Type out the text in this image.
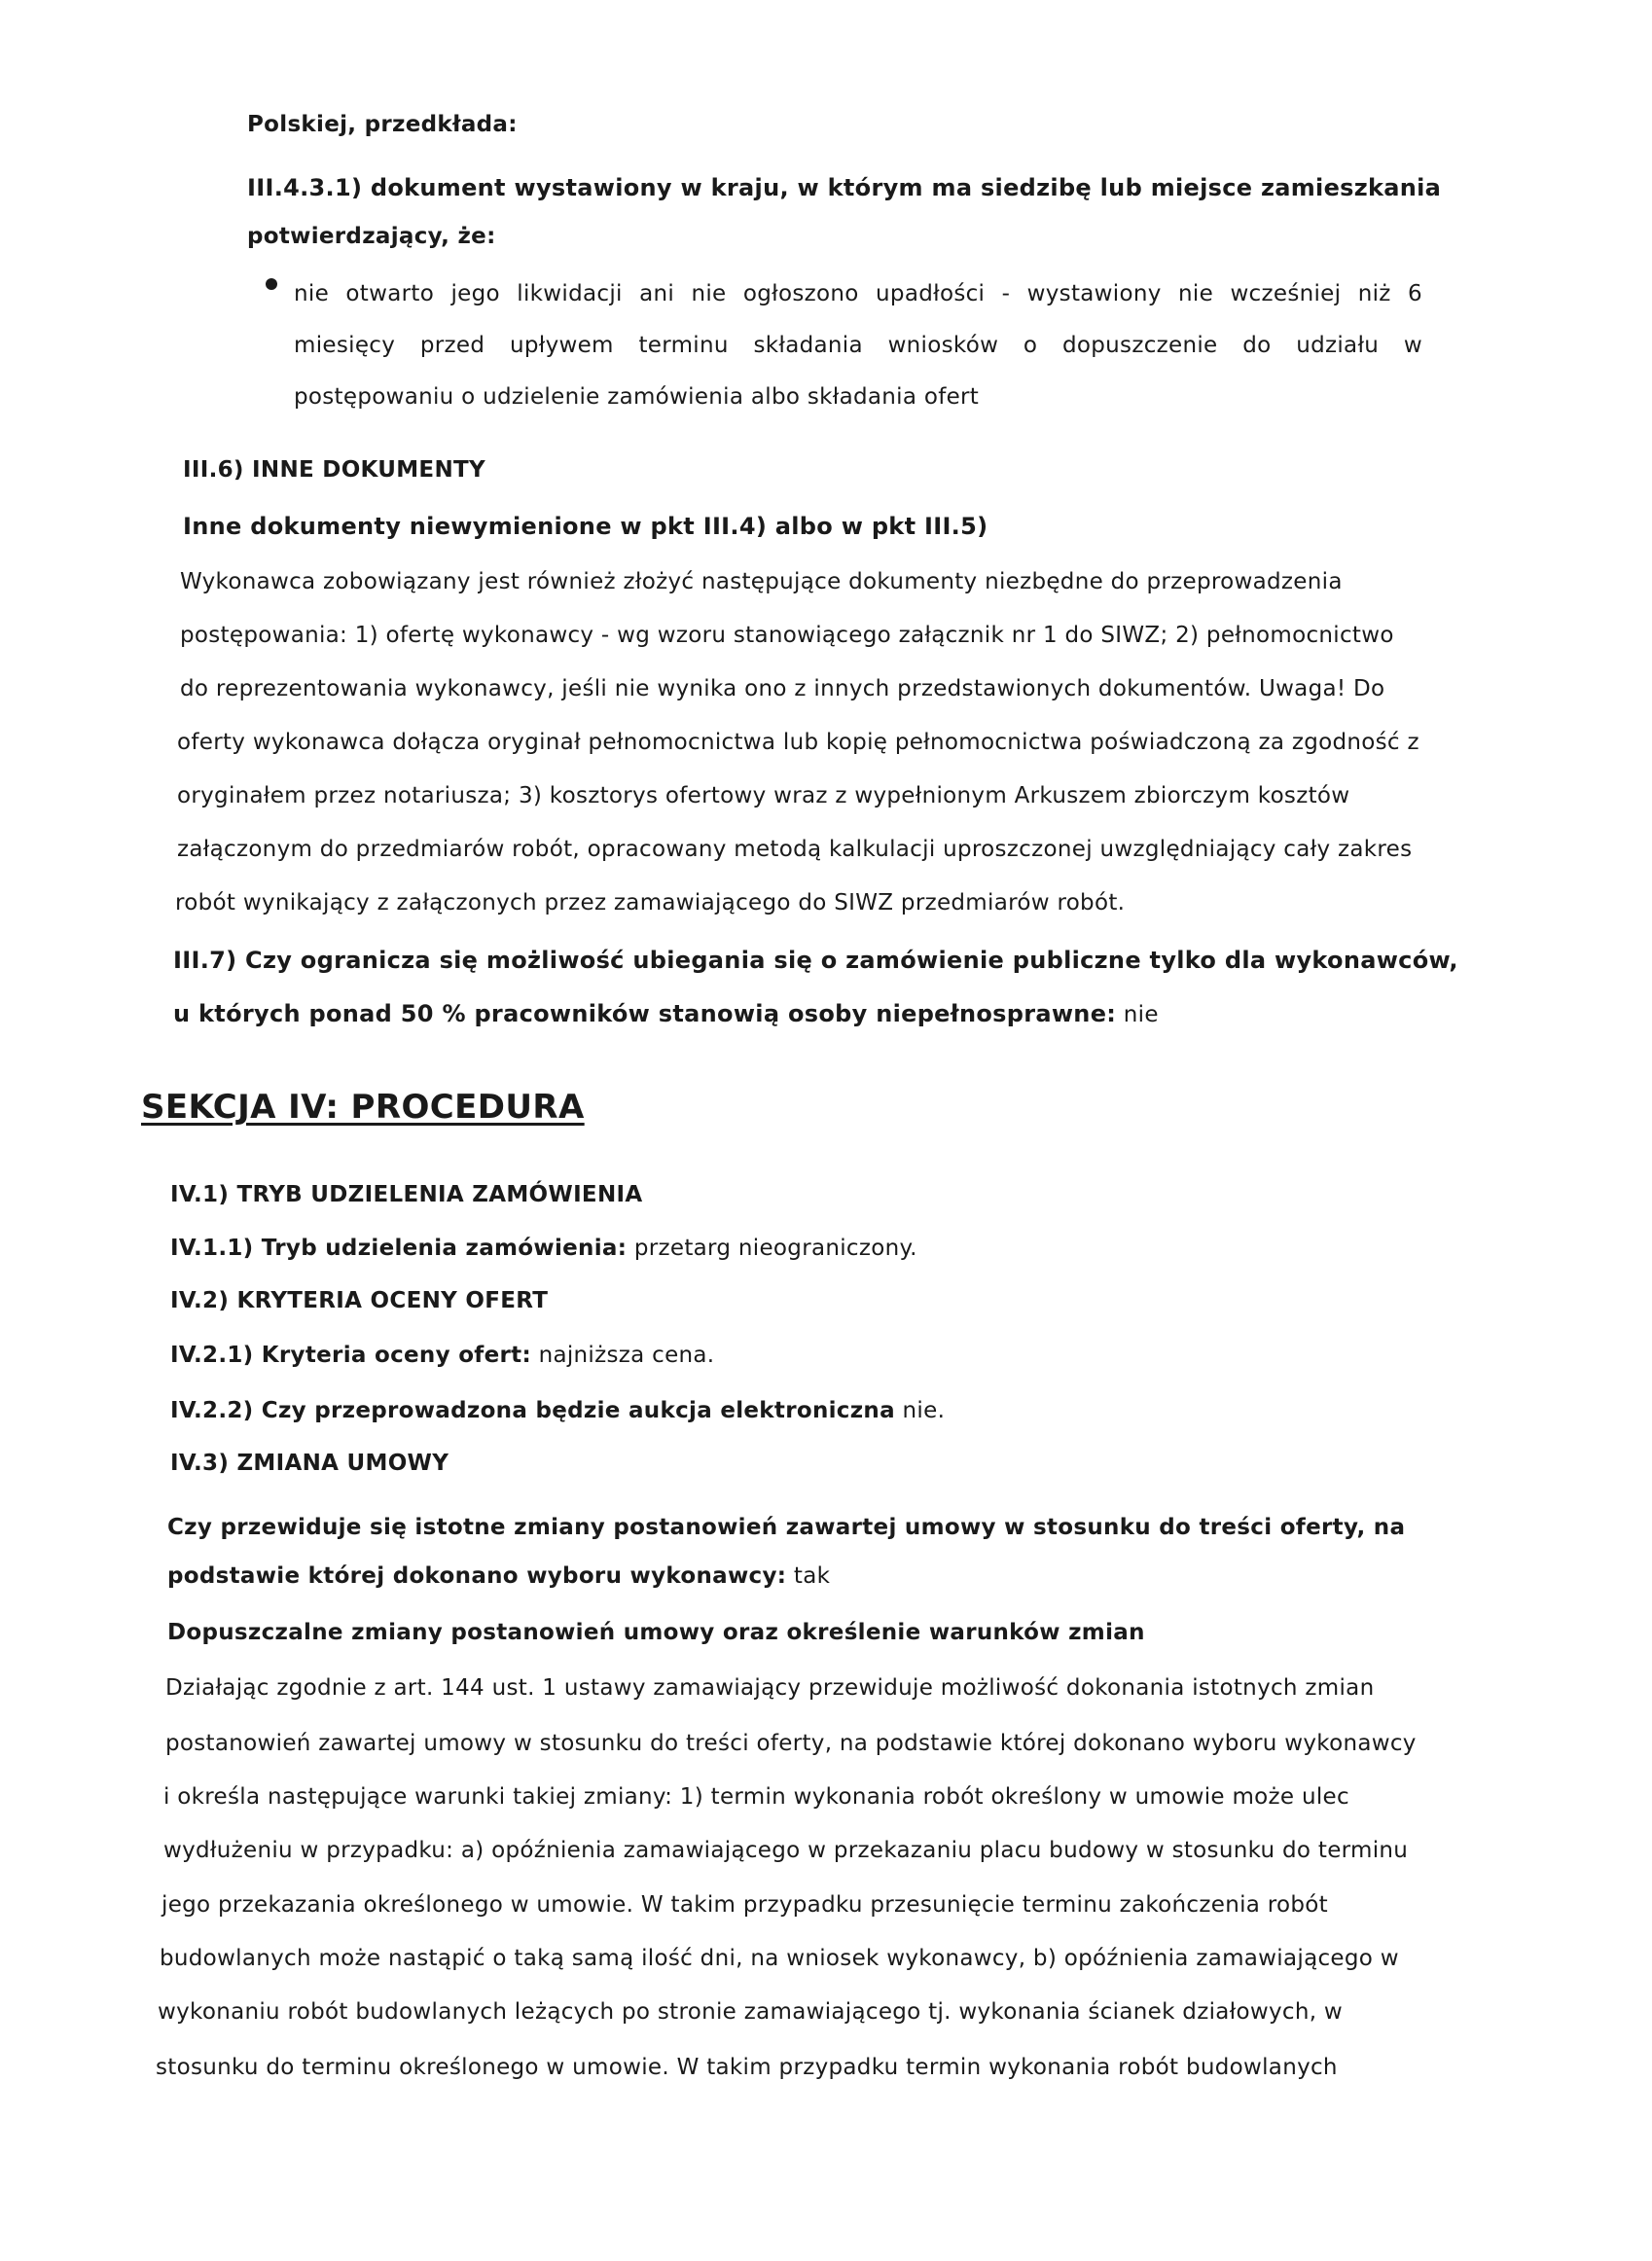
Polskiej, przedkłada:
III.4.3.1) dokument wystawiony w kraju, w którym ma siedzibę lub miejsce zamieszkania
potwierdzający, że:
nie otwarto jego likwidacji ani nie ogłoszono upadłości - wystawiony nie wcześniej niż 6
miesięcy przed upływem terminu składania wniosków o dopuszczenie do udziału w
postępowaniu o udzielenie zamówienia albo składania ofert
III.6) INNE DOKUMENTY
Inne dokumenty niewymienione w pkt III.4) albo w pkt III.5)
Wykonawca zobowiązany jest również złożyć następujące dokumenty niezbędne do przeprowadzenia
postępowania: 1) ofertę wykonawcy - wg wzoru stanowiącego załącznik nr 1 do SIWZ; 2) pełnomocnictwo
do reprezentowania wykonawcy, jeśli nie wynika ono z innych przedstawionych dokumentów. Uwaga! Do
oferty wykonawca dołącza oryginał pełnomocnictwa lub kopię pełnomocnictwa poświadczoną za zgodność z
oryginałem przez notariusza; 3) kosztorys ofertowy wraz z wypełnionym Arkuszem zbiorczym kosztów
załączonym do przedmiarów robót, opracowany metodą kalkulacji uproszczonej uwzględniający cały zakres
robót wynikający z załączonych przez zamawiającego do SIWZ przedmiarów robót.
III.7) Czy ogranicza się możliwość ubiegania się o zamówienie publiczne tylko dla wykonawców,
u których ponad 50 % pracowników stanowią osoby niepełnosprawne: nie
SEKCJA IV: PROCEDURA
IV.1) TRYB UDZIELENIA ZAMÓWIENIA
IV.1.1) Tryb udzielenia zamówienia: przetarg nieograniczony.
IV.2) KRYTERIA OCENY OFERT
IV.2.1) Kryteria oceny ofert: najniższa cena.
IV.2.2) Czy przeprowadzona będzie aukcja elektroniczna nie.
IV.3) ZMIANA UMOWY
Czy przewiduje się istotne zmiany postanowień zawartej umowy w stosunku do treści oferty, na
podstawie której dokonano wyboru wykonawcy: tak
Dopuszczalne zmiany postanowień umowy oraz określenie warunków zmian
Działając zgodnie z art. 144 ust. 1 ustawy zamawiający przewiduje możliwość dokonania istotnych zmian
postanowień zawartej umowy w stosunku do treści oferty, na podstawie której dokonano wyboru wykonawcy
i określa następujące warunki takiej zmiany: 1) termin wykonania robót określony w umowie może ulec
wydłużeniu w przypadku: a) opóźnienia zamawiającego w przekazaniu placu budowy w stosunku do terminu
jego przekazania określonego w umowie. W takim przypadku przesunięcie terminu zakończenia robót
budowlanych może nastąpić o taką samą ilość dni, na wniosek wykonawcy, b) opóźnienia zamawiającego w
wykonaniu robót budowlanych leżących po stronie zamawiającego tj. wykonania ścianek działowych, w
stosunku do terminu określonego w umowie. W takim przypadku termin wykonania robót budowlanych
